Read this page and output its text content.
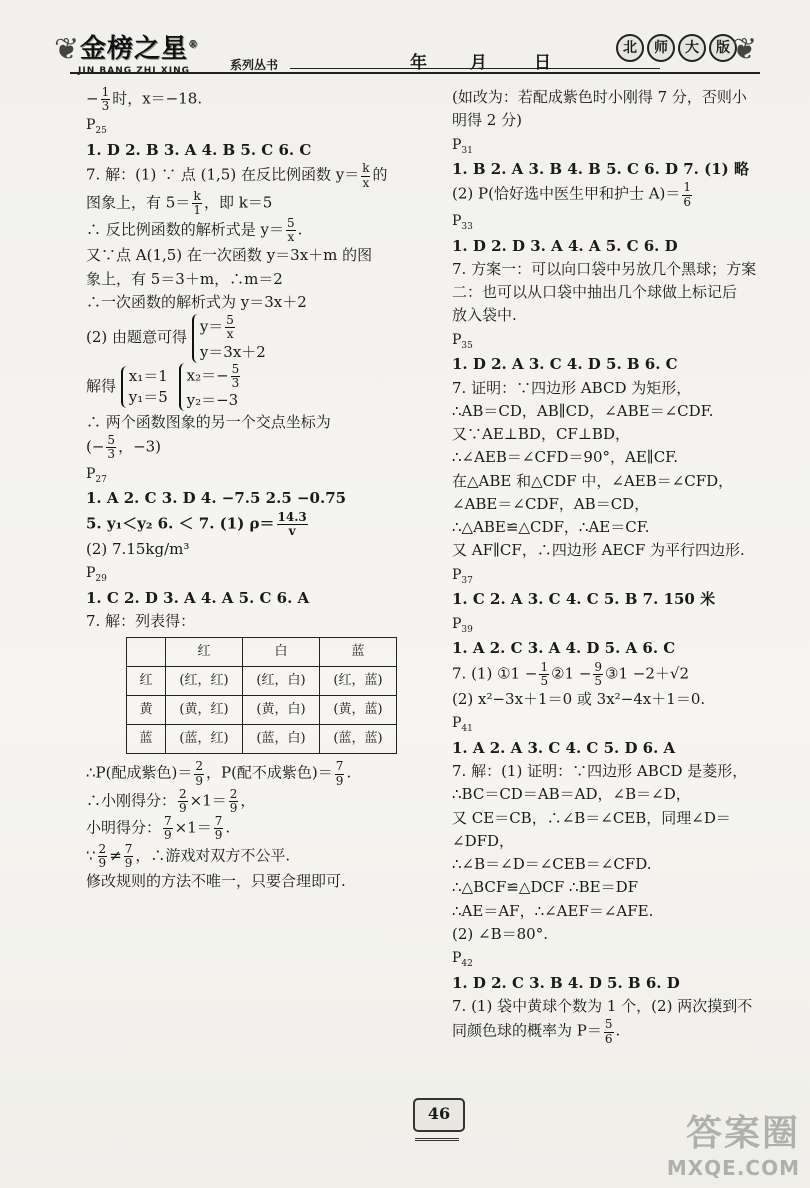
❦ 金榜之星®
JIN BANG ZHI XING	系列丛书	年	月	日
北	师	大	版 ❦
− $\frac{1}{3}$ 时，x＝−18.
$P_{25}$
1. D 2. B 3. A 4. B 5. C 6. C
7. 解：(1) ∵ 点 (1,5) 在反比例函数 $y= \frac{k}{x}$ 的
图象上，有 $5= \frac{k}{1}$ ，即 k＝5
∴ 反比例函数的解析式是 $y= \frac{5}{x}$ .
又∵点 A(1,5) 在一次函数 y＝3x＋m 的图
象上，有 5＝3＋m，∴m＝2
∴一次函数的解析式为 y＝3x＋2
(2) 由题意可得 $y= \frac{5}{x}$

y＝3x＋2
解得 x₁＝1
y₁＝5 $x_2=- \frac{5}{3}$

y₂＝−3
∴ 两个函数图象的另一个交点坐标为
(− $\frac{5}{3}$ ，−3)
$P_{27}$
1. A 2. C 3. D 4. −7.5 2.5 −0.75
5. y₁＜y₂ 6. ＜ 7. (1) $\rho= \frac{14.3}{v}$
(2) 7.15kg/m³
$P_{29}$
1. C 2. D 3. A 4. A 5. C 6. A
7. 解：列表得：
	红	白	蓝
红	(红，红)	(红，白)	(红，蓝)
黄	(黄，红)	(黄，白)	(黄，蓝)
蓝	(蓝，红)	(蓝，白)	(蓝，蓝)
∴P(配成紫色)＝ $\frac{2}{9}$ ，P(配不成紫色)＝ $\frac{7}{9}$ .
∴小刚得分： $\frac{2}{9} \times 1= \frac{2}{9}$ ，
小明得分： $\frac{7}{9} \times 1= \frac{7}{9}$ .
∵ $\frac{2}{9} \ne \frac{7}{9}$ ，∴游戏对双方不公平.
修改规则的方法不唯一，只要合理即可.
(如改为：若配成紫色时小刚得 7 分，否则小
明得 2 分)
$P_{31}$
1. B 2. A 3. B 4. B 5. C 6. D 7. (1) 略
(2) P(恰好选中医生甲和护士 $A)= \frac{1}{6}$
$P_{33}$
1. D 2. D 3. A 4. A 5. C 6. D
7. 方案一：可以向口袋中另放几个黑球；方案
二：也可以从口袋中抽出几个球做上标记后
放入袋中.
$P_{35}$
1. D 2. A 3. C 4. D 5. B 6. C
7. 证明：∵四边形 ABCD 为矩形，
∴AB＝CD，AB∥CD，∠ABE＝∠CDF.
又∵AE⊥BD，CF⊥BD，
∴∠AEB＝∠CFD＝90°，AE∥CF.
在△ABE 和△CDF 中，∠AEB＝∠CFD，
∠ABE＝∠CDF，AB＝CD，
∴△ABE≌△CDF，∴AE＝CF.
又 AF∥CF，∴四边形 AECF 为平行四边形.
$P_{37}$
1. C 2. A 3. C 4. C 5. B 7. 150 米
$P_{39}$
1. A 2. C 3. A 4. D 5. A 6. C
7. (1) ①1 − $\frac{1}{5}$ ②1 − $\frac{9}{5}$ ③1 −2＋√2
(2) x²−3x＋1＝0 或 3x²−4x＋1＝0.
$P_{41}$
1. A 2. A 3. C 4. C 5. D 6. A
7. 解：(1) 证明：∵四边形 ABCD 是菱形，
∴BC＝CD＝AB＝AD，∠B＝∠D，
又 CE＝CB，∴∠B＝∠CEB，同理∠D＝
∠DFD，
∴∠B＝∠D＝∠CEB＝∠CFD.
∴△BCF≌△DCF ∴BE＝DF
∴AE＝AF，∴∠AEF＝∠AFE.
(2) ∠B＝80°.
$P_{42}$
1. D 2. C 3. B 4. D 5. B 6. D
7. (1) 袋中黄球个数为 1 个，(2) 两次摸到不
同颜色球的概率为 $P= \frac{5}{6}$ .
46	答案圈
MXQE.COM
